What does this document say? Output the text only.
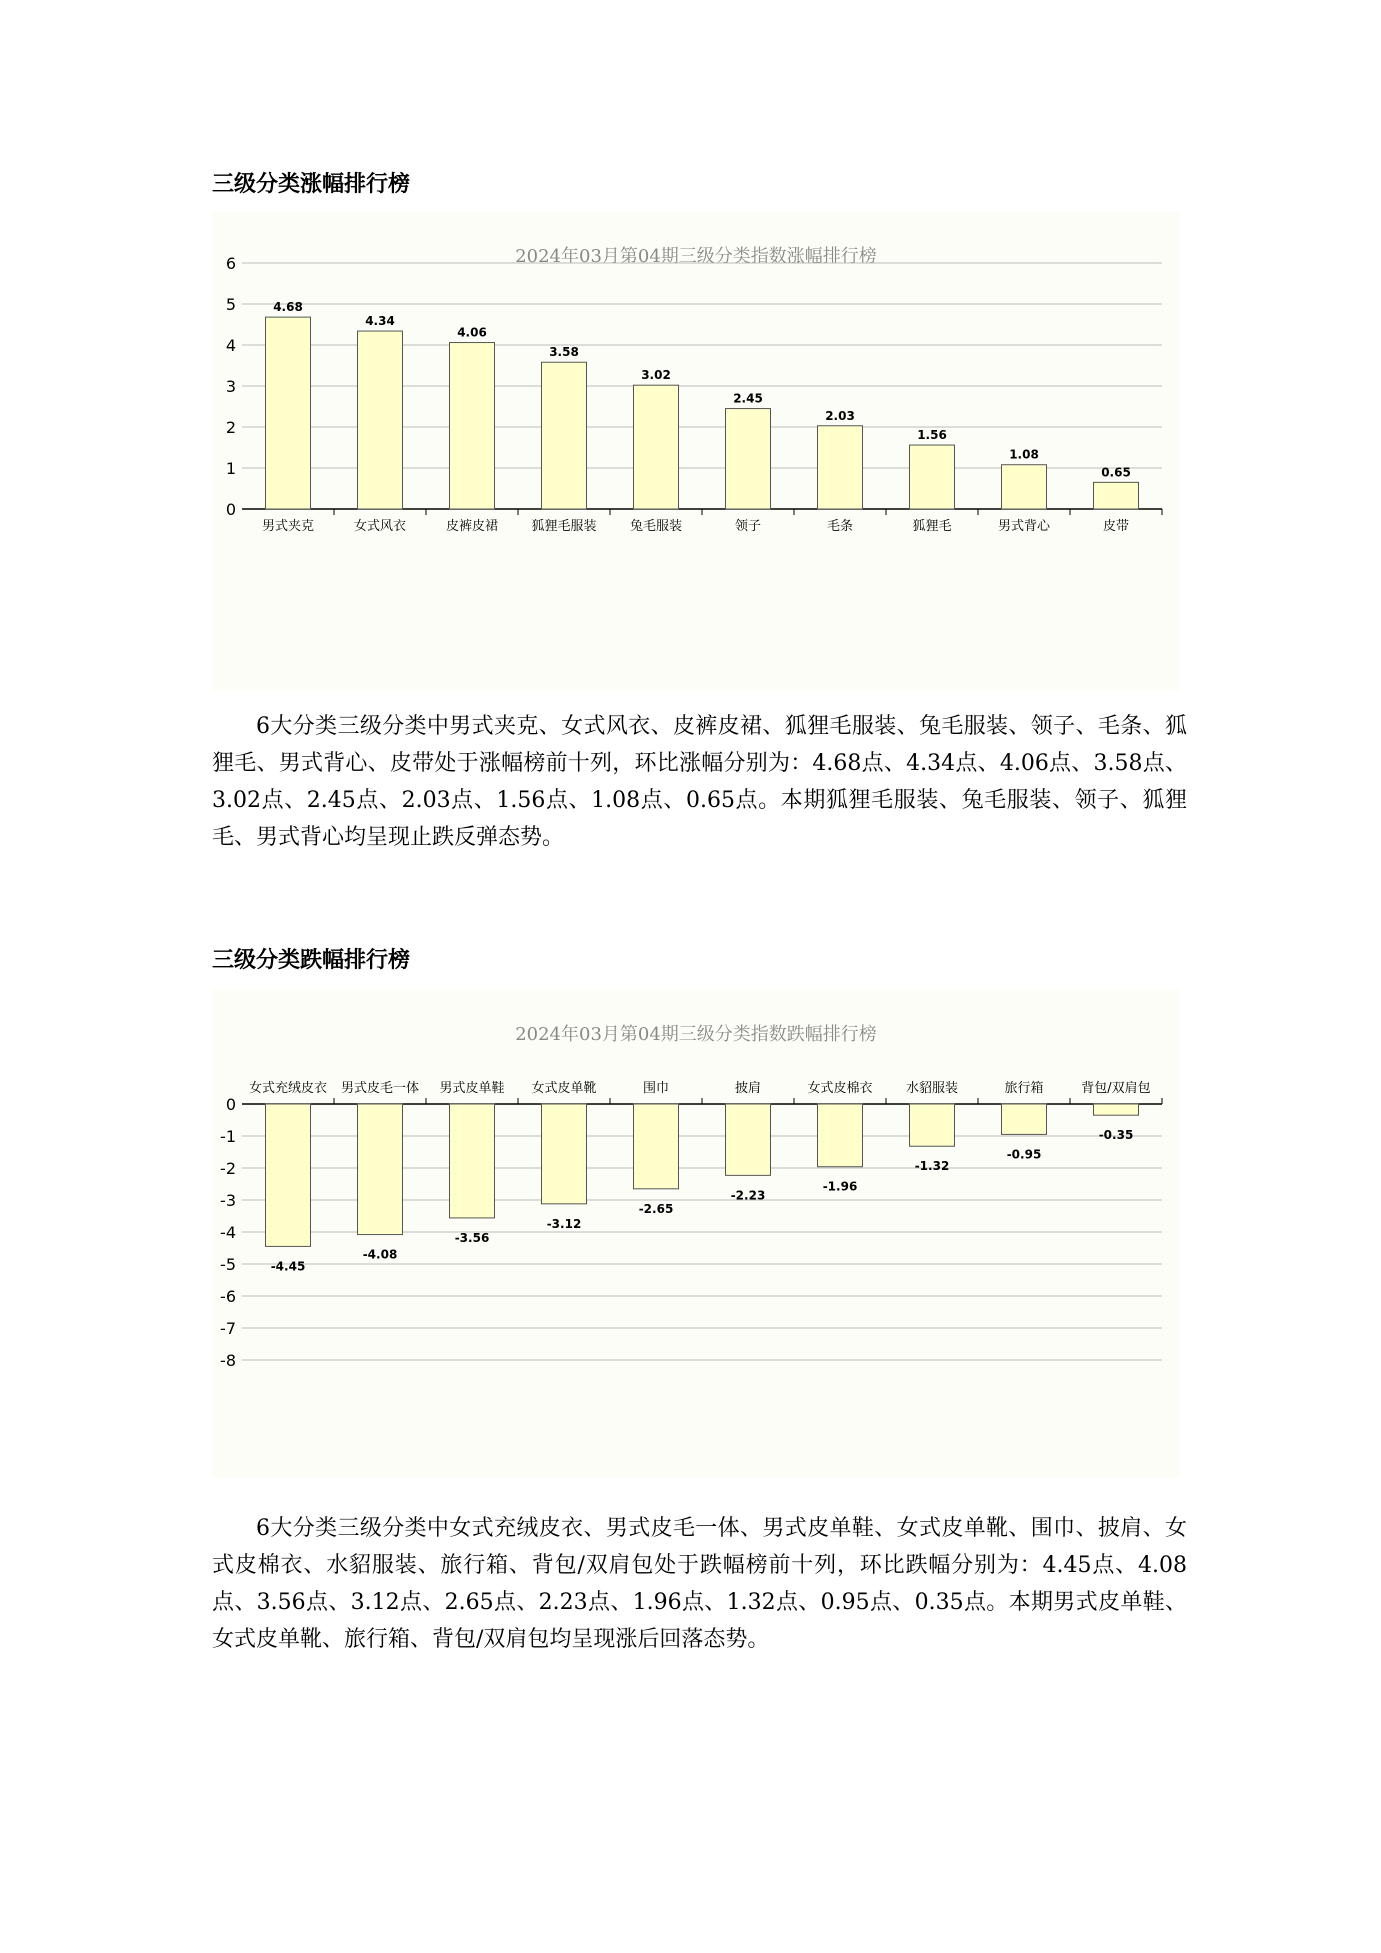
三级分类涨幅排行榜
2024年03月第04期三级分类指数涨幅排行榜
0
1
2
3
4
5
6
男式夹克
4.68
女式风衣
4.34
皮裤皮裙
4.06
狐狸毛服装
3.58
兔毛服装
3.02
领子
2.45
毛条
2.03
狐狸毛
1.56
男式背心
1.08
皮带
0.65
6大分类三级分类中男式夹克、女式风衣、皮裤皮裙、狐狸毛服装、兔毛服装、领子、毛条、狐狸毛、男式背心、皮带处于涨幅榜前十列，环比涨幅分别为：4.68点、4.34点、4.06点、3.58点、3.02点、2.45点、2.03点、1.56点、1.08点、0.65点。本期狐狸毛服装、兔毛服装、领子、狐狸毛、男式背心均呈现止跌反弹态势。
三级分类跌幅排行榜
2024年03月第04期三级分类指数跌幅排行榜
0
-1
-2
-3
-4
-5
-6
-7
-8
女式充绒皮衣
-4.45
男式皮毛一体
-4.08
男式皮单鞋
-3.56
女式皮单靴
-3.12
围巾
-2.65
披肩
-2.23
女式皮棉衣
-1.96
水貂服装
-1.32
旅行箱
-0.95
背包/双肩包
-0.35
6大分类三级分类中女式充绒皮衣、男式皮毛一体、男式皮单鞋、女式皮单靴、围巾、披肩、女式皮棉衣、水貂服装、旅行箱、背包/双肩包处于跌幅榜前十列，环比跌幅分别为：4.45点、4.08点、3.56点、3.12点、2.65点、2.23点、1.96点、1.32点、0.95点、0.35点。本期男式皮单鞋、女式皮单靴、旅行箱、背包/双肩包均呈现涨后回落态势。
